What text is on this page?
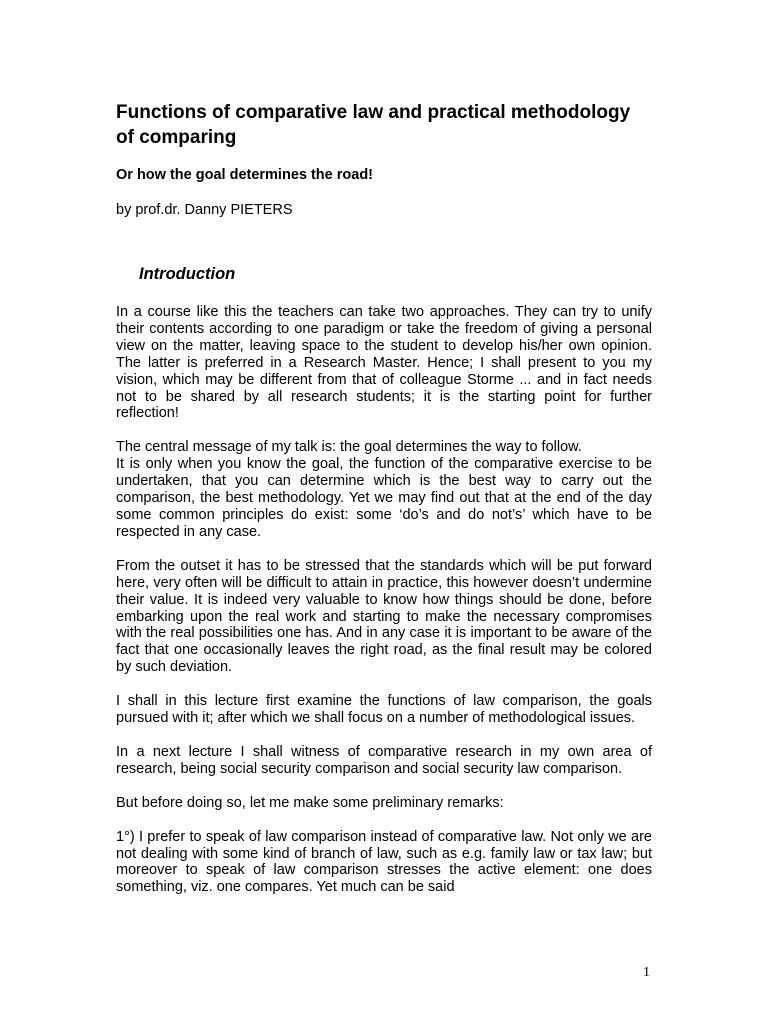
Functions of comparative law and practical methodology of comparing

Or how the goal determines the road!

by prof.dr. Danny PIETERS

Introduction

In a course like this the teachers can take two approaches. They can try to unify their contents according to one paradigm or take the freedom of giving a personal view on the matter, leaving space to the student to develop his/her own opinion. The latter is preferred in a Research Master. Hence; I shall present to you my vision, which may be different from that of colleague Storme ... and in fact needs not to be shared by all research students; it is the starting point for further reflection!

The central message of my talk is: the goal determines the way to follow.

It is only when you know the goal, the function of the comparative exercise to be undertaken, that you can determine which is the best way to carry out the comparison, the best methodology. Yet we may find out that at the end of the day some common principles do exist: some ‘do’s and do not’s’ which have to be respected in any case.

From the outset it has to be stressed that the standards which will be put forward here, very often will be difficult to attain in practice, this however doesn’t undermine their value. It is indeed very valuable to know how things should be done, before embarking upon the real work and starting to make the necessary compromises with the real possibilities one has. And in any case it is important to be aware of the fact that one occasionally leaves the right road, as the final result may be colored by such deviation.

I shall in this lecture first examine the functions of law comparison, the goals pursued with it; after which we shall focus on a number of methodological issues.

In a next lecture I shall witness of comparative research in my own area of research, being social security comparison and social security law comparison.

But before doing so, let me make some preliminary remarks:

1°) I prefer to speak of law comparison instead of comparative law. Not only we are not dealing with some kind of branch of law, such as e.g. family law or tax law; but moreover to speak of law comparison stresses the active element: one does something, viz. one compares. Yet much can be said

1
